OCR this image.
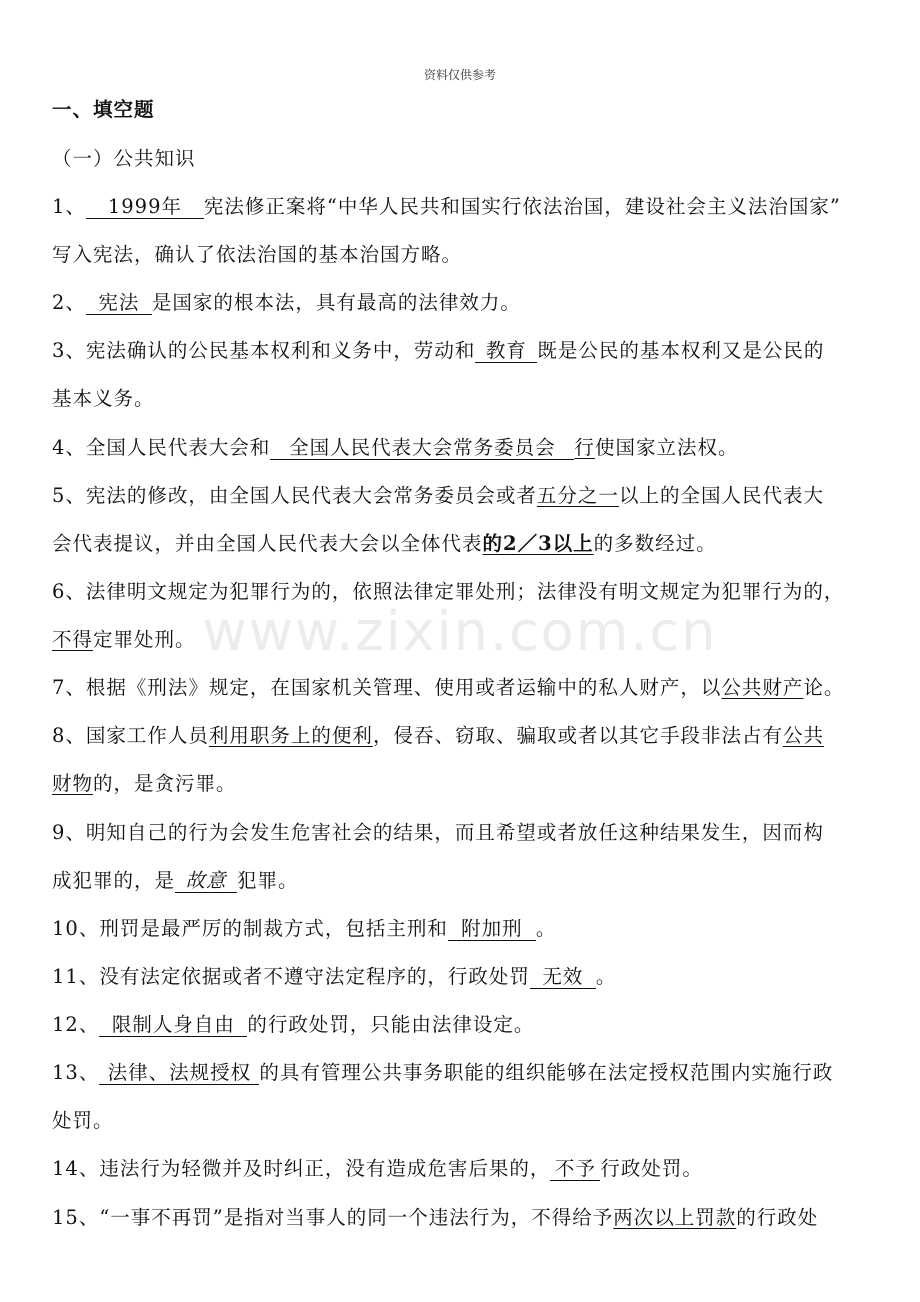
资料仅供参考
www.zixin.com.cn
一、填空题
（一）公共知识
1、 1999年 宪法修正案将“中华人民共和国实行依法治国，建设社会主义法治国家”
写入宪法，确认了依法治国的基本治国方略。
2、 宪法 是国家的根本法，具有最高的法律效力。
3、宪法确认的公民基本权利和义务中，劳动和 教育 既是公民的基本权利又是公民的
基本义务。
4、全国人民代表大会和 全国人民代表大会常务委员会 行使国家立法权。
5、宪法的修改，由全国人民代表大会常务委员会或者五分之一以上的全国人民代表大
会代表提议，并由全国人民代表大会以全体代表的2／3以上的多数经过。
6、法律明文规定为犯罪行为的，依照法律定罪处刑；法律没有明文规定为犯罪行为的，
不得定罪处刑。
7、根据《刑法》规定，在国家机关管理、使用或者运输中的私人财产，以公共财产论。
8、国家工作人员利用职务上的便利，侵吞、窃取、骗取或者以其它手段非法占有公共
财物的，是贪污罪。
9、明知自己的行为会发生危害社会的结果，而且希望或者放任这种结果发生，因而构
成犯罪的，是 故意 犯罪。
10、刑罚是最严厉的制裁方式，包括主刑和 附加刑 。
11、没有法定依据或者不遵守法定程序的，行政处罚 无效 。
12、 限制人身自由 的行政处罚，只能由法律设定。
13、 法律、法规授权 的具有管理公共事务职能的组织能够在法定授权范围内实施行政
处罚。
14、违法行为轻微并及时纠正，没有造成危害后果的， 不予 行政处罚。
15、“一事不再罚”是指对当事人的同一个违法行为，不得给予两次以上罚款的行政处
